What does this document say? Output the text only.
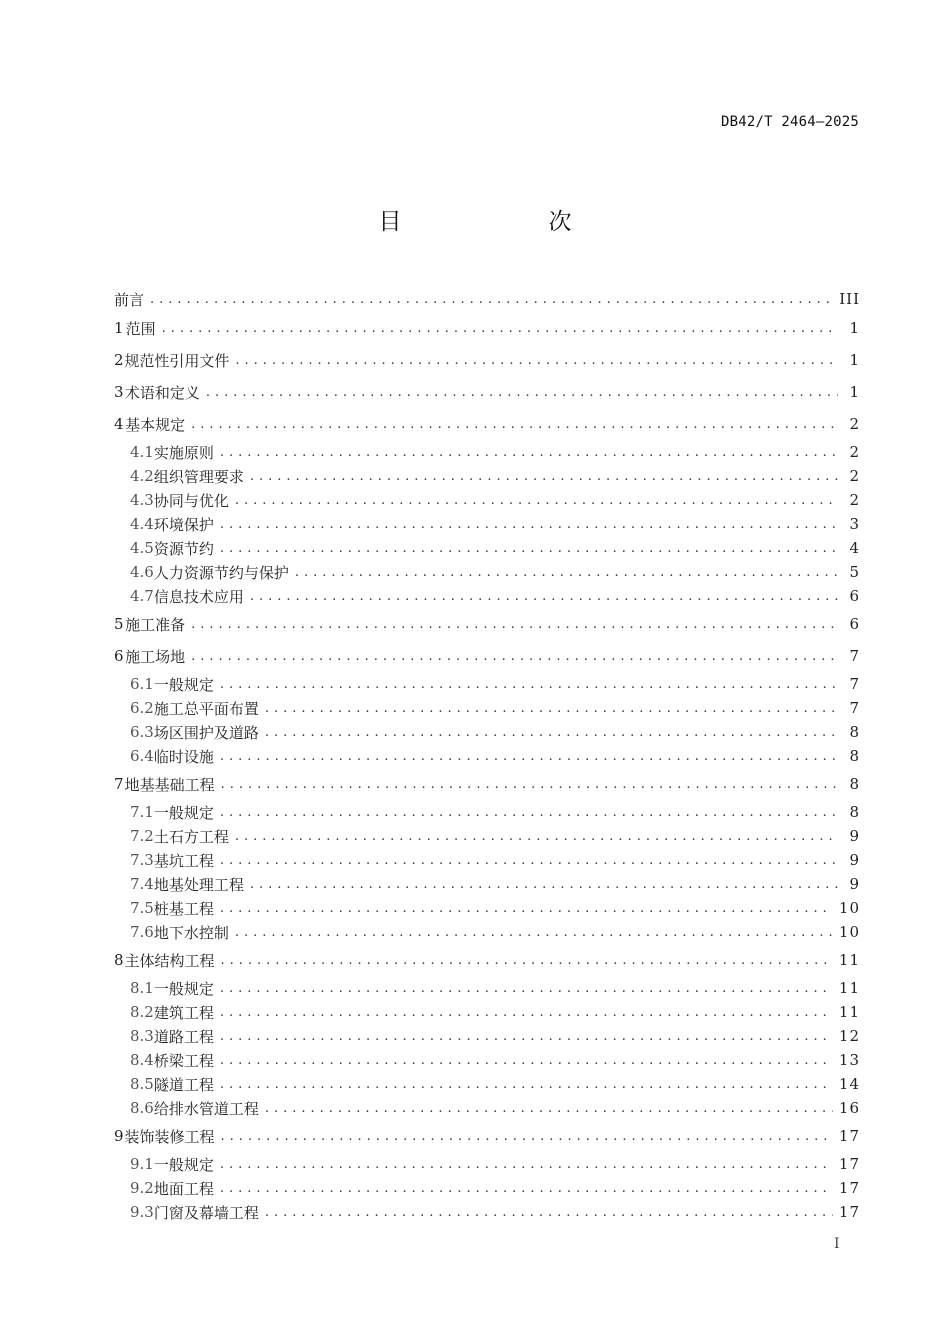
DB42/T 2464—2025
目　次
前言 .....	III
1 范围 .....	1
2 规范性引用文件 .....	1
3 术语和定义 .....	1
4 基本规定 .....	2
4.1 实施原则 .....	2
4.2 组织管理要求 .....	2
4.3 协同与优化 .....	2
4.4 环境保护 .....	3
4.5 资源节约 .....	4
4.6 人力资源节约与保护 .....	5
4.7 信息技术应用 .....	6
5 施工准备 .....	6
6 施工场地 .....	7
6.1 一般规定 .....	7
6.2 施工总平面布置 .....	7
6.3 场区围护及道路 .....	8
6.4 临时设施 .....	8
7 地基基础工程 .....	8
7.1 一般规定 .....	8
7.2 土石方工程 .....	9
7.3 基坑工程 .....	9
7.4 地基处理工程 .....	9
7.5 桩基工程 .....	10
7.6 地下水控制 .....	10
8 主体结构工程 .....	11
8.1 一般规定 .....	11
8.2 建筑工程 .....	11
8.3 道路工程 .....	12
8.4 桥梁工程 .....	13
8.5 隧道工程 .....	14
8.6 给排水管道工程 .....	16
9 装饰装修工程 .....	17
9.1 一般规定 .....	17
9.2 地面工程 .....	17
9.3 门窗及幕墙工程 .....	17
I
